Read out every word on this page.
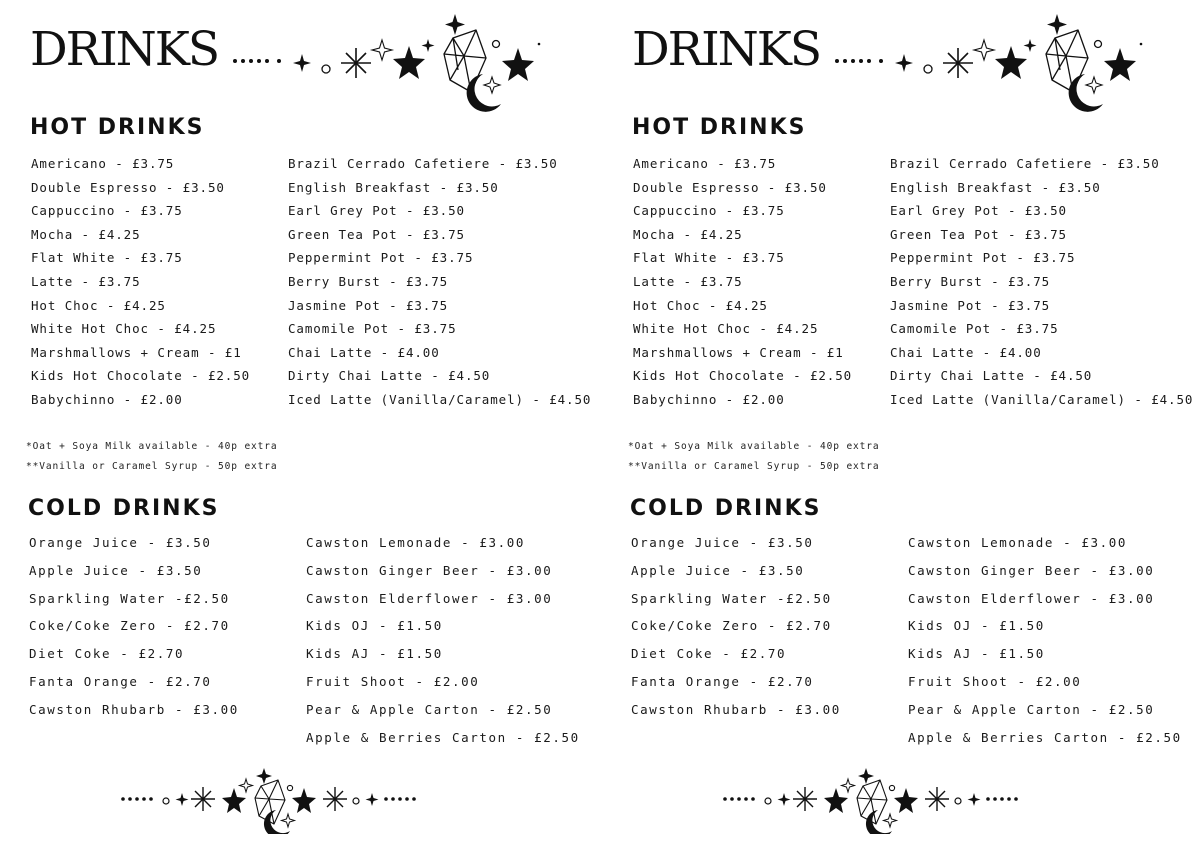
DRINKS
HOT DRINKS
Americano - £3.75
Double Espresso - £3.50
Cappuccino - £3.75
Mocha - £4.25
Flat White - £3.75
Latte - £3.75
Hot Choc - £4.25
White Hot Choc - £4.25
Marshmallows + Cream - £1
Kids Hot Chocolate - £2.50
Babychinno - £2.00
Brazil Cerrado Cafetiere - £3.50
English Breakfast - £3.50
Earl Grey Pot - £3.50
Green Tea Pot - £3.75
Peppermint Pot - £3.75
Berry Burst - £3.75
Jasmine Pot - £3.75
Camomile Pot - £3.75
Chai Latte - £4.00
Dirty Chai Latte - £4.50
Iced Latte (Vanilla/Caramel) - £4.50
*Oat + Soya Milk available - 40p extra
**Vanilla or Caramel Syrup - 50p extra
COLD DRINKS
Orange Juice - £3.50
Apple Juice - £3.50
Sparkling Water -£2.50
Coke/Coke Zero - £2.70
Diet Coke - £2.70
Fanta Orange - £2.70
Cawston Rhubarb - £3.00
Cawston Lemonade - £3.00
Cawston Ginger Beer - £3.00
Cawston Elderflower - £3.00
Kids OJ - £1.50
Kids AJ - £1.50
Fruit Shoot - £2.00
Pear & Apple Carton - £2.50
Apple & Berries Carton - £2.50
DRINKS
HOT DRINKS
Americano - £3.75
Double Espresso - £3.50
Cappuccino - £3.75
Mocha - £4.25
Flat White - £3.75
Latte - £3.75
Hot Choc - £4.25
White Hot Choc - £4.25
Marshmallows + Cream - £1
Kids Hot Chocolate - £2.50
Babychinno - £2.00
Brazil Cerrado Cafetiere - £3.50
English Breakfast - £3.50
Earl Grey Pot - £3.50
Green Tea Pot - £3.75
Peppermint Pot - £3.75
Berry Burst - £3.75
Jasmine Pot - £3.75
Camomile Pot - £3.75
Chai Latte - £4.00
Dirty Chai Latte - £4.50
Iced Latte (Vanilla/Caramel) - £4.50
*Oat + Soya Milk available - 40p extra
**Vanilla or Caramel Syrup - 50p extra
COLD DRINKS
Orange Juice - £3.50
Apple Juice - £3.50
Sparkling Water -£2.50
Coke/Coke Zero - £2.70
Diet Coke - £2.70
Fanta Orange - £2.70
Cawston Rhubarb - £3.00
Cawston Lemonade - £3.00
Cawston Ginger Beer - £3.00
Cawston Elderflower - £3.00
Kids OJ - £1.50
Kids AJ - £1.50
Fruit Shoot - £2.00
Pear & Apple Carton - £2.50
Apple & Berries Carton - £2.50
